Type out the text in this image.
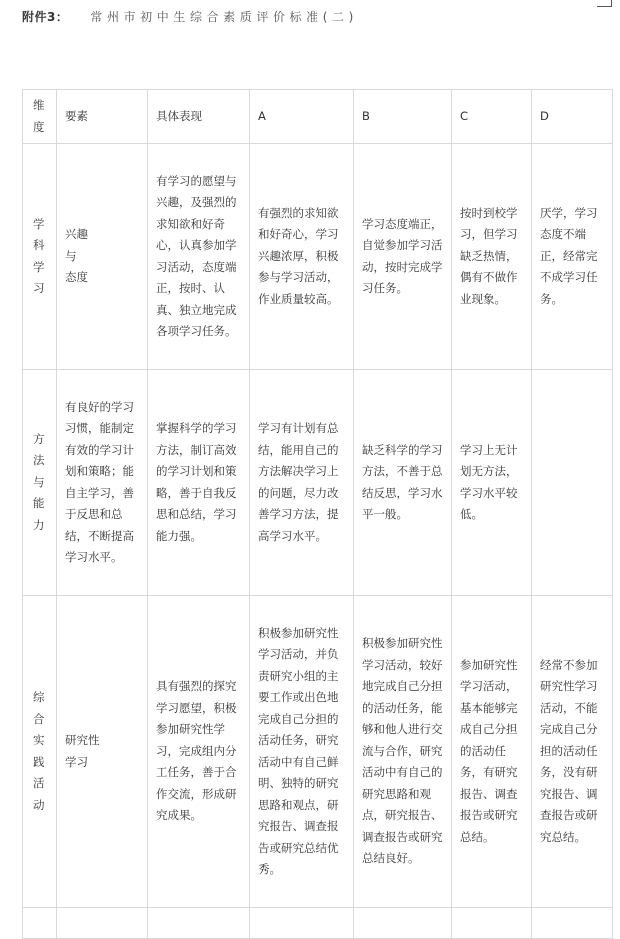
附件3： 常州市初中生综合素质评价标准(二)
维度	要素	具体表现	A	B	C	D

学科学习	兴趣
与
态度	有学习的愿望与兴趣，及强烈的求知欲和好奇心，认真参加学习活动，态度端正，按时、认真、独立地完成各项学习任务。	有强烈的求知欲和好奇心，学习兴趣浓厚，积极参与学习活动，作业质量较高。	学习态度端正，自觉参加学习活动，按时完成学习任务。	按时到校学习，但学习缺乏热情，偶有不做作业现象。	厌学，学习态度不端正，经常完不成学习任务。

方法与能力	有良好的学习习惯，能制定有效的学习计划和策略；能自主学习，善于反思和总结，不断提高学习水平。	掌握科学的学习方法，制订高效的学习计划和策略，善于自我反思和总结，学习能力强。	学习有计划有总结，能用自己的方法解决学习上的问题，尽力改善学习方法，提高学习水平。	缺乏科学的学习方法，不善于总结反思，学习水平一般。	学习上无计划无方法，学习水平较低。	

综合实践活动	研究性
学习	具有强烈的探究学习愿望，积极参加研究性学习，完成组内分工任务，善于合作交流，形成研究成果。	积极参加研究性学习活动，并负责研究小组的主要工作或出色地完成自己分担的活动任务，研究活动中有自己鲜明、独特的研究思路和观点，研究报告、调查报告或研究总结优秀。	积极参加研究性学习活动，较好地完成自己分担的活动任务，能够和他人进行交流与合作，研究活动中有自己的研究思路和观点，研究报告、调查报告或研究总结良好。	参加研究性学习活动，基本能够完成自己分担的活动任务，有研究报告、调查报告或研究总结。	经常不参加研究性学习活动，不能完成自己分担的活动任务，没有研究报告、调查报告或研究总结。
